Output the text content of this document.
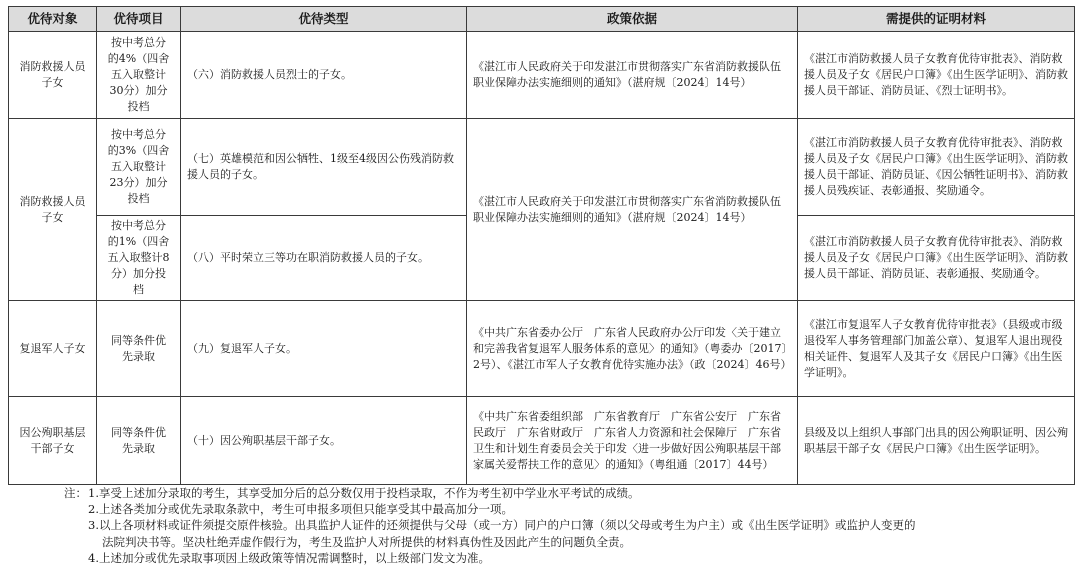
优待对象	优待项目	优待类型	政策依据	需提供的证明材料
消防救援人员子女	按中考总分的4%（四舍五入取整计30分）加分投档	（六）消防救援人员烈士的子女。	《湛江市人民政府关于印发湛江市贯彻落实广东省消防救援队伍职业保障办法实施细则的通知》（湛府规〔2024〕14号）	《湛江市消防救援人员子女教育优待审批表》、消防救援人员及子女《居民户口簿》《出生医学证明》、消防救援人员干部证、消防员证、《烈士证明书》。
消防救援人员子女	按中考总分的3%（四舍五入取整计23分）加分投档	（七）英雄模范和因公牺牲、1级至4级因公伤残消防救援人员的子女。	《湛江市人民政府关于印发湛江市贯彻落实广东省消防救援队伍职业保障办法实施细则的通知》（湛府规〔2024〕14号）	《湛江市消防救援人员子女教育优待审批表》、消防救援人员及子女《居民户口簿》《出生医学证明》、消防救援人员干部证、消防员证、《因公牺牲证明书》、消防救援人员残疾证、表彰通报、奖励通令。
	按中考总分的1%（四舍五入取整计8分）加分投档	（八）平时荣立三等功在职消防救援人员的子女。		《湛江市消防救援人员子女教育优待审批表》、消防救援人员及子女《居民户口簿》《出生医学证明》、消防救援人员干部证、消防员证、表彰通报、奖励通令。
复退军人子女	同等条件优先录取	（九）复退军人子女。	《中共广东省委办公厅　广东省人民政府办公厅印发〈关于建立和完善我省复退军人服务体系的意见〉的通知》（粤委办〔2017〕2号）、《湛江市军人子女教育优待实施办法》（政〔2024〕46号）	《湛江市复退军人子女教育优待审批表》（县级或市级退役军人事务管理部门加盖公章）、复退军人退出现役相关证件、复退军人及其子女《居民户口簿》《出生医学证明》。
因公殉职基层干部子女	同等条件优先录取	（十）因公殉职基层干部子女。	《中共广东省委组织部　广东省教育厅　广东省公安厅　广东省民政厅　广东省财政厅　广东省人力资源和社会保障厅　广东省卫生和计划生育委员会关于印发〈进一步做好因公殉职基层干部家属关爱帮扶工作的意见〉的通知》（粤组通〔2017〕44号）	县级及以上组织人事部门出具的因公殉职证明、因公殉职基层干部子女《居民户口簿》《出生医学证明》。
注： 1.享受上述加分录取的考生，其享受加分后的总分数仅用于投档录取，不作为考生初中学业水平考试的成绩。
2.上述各类加分或优先录取条款中，考生可申报多项但只能享受其中最高加分一项。
3.以上各项材料或证件须提交原件核验。出具监护人证件的还须提供与父母（或一方）同户的户口簿（须以父母或考生为户主）或《出生医学证明》或监护人变更的
法院判决书等。坚决杜绝弄虚作假行为，考生及监护人对所提供的材料真伪性及因此产生的问题负全责。
4.上述加分或优先录取事项因上级政策等情况需调整时，以上级部门发文为准。
